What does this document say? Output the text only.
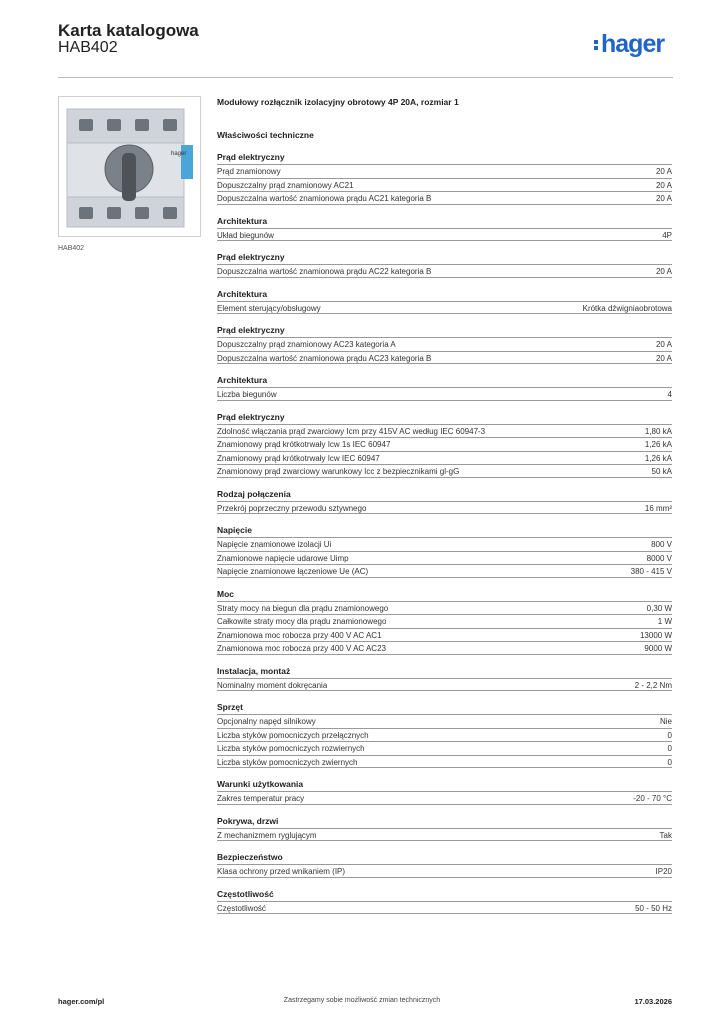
Karta katalogowa
HAB402	hager
hager
HAB402
Modułowy rozłącznik izolacyjny obrotowy 4P 20A, rozmiar 1
Właściwości techniczne
Prąd elektryczny
Prąd znamionowy	20 A
Dopuszczalny prąd znamionowy AC21	20 A
Dopuszczalna wartość znamionowa prądu AC21 kategoria B	20 A
Architektura
Układ biegunów	4P
Prąd elektryczny
Dopuszczalna wartość znamionowa prądu AC22 kategoria B	20 A
Architektura
Element sterujący/obsługowy	Krótka dźwigniaobrotowa
Prąd elektryczny
Dopuszczalny prąd znamionowy AC23 kategoria A	20 A
Dopuszczalna wartość znamionowa prądu AC23 kategoria B	20 A
Architektura
Liczba biegunów	4
Prąd elektryczny
Zdolność włączania prąd zwarciowy Icm przy 415V AC według IEC 60947-3	1,80 kA
Znamionowy prąd krótkotrwały Icw 1s IEC 60947	1,26 kA
Znamionowy prąd krótkotrwały Icw IEC 60947	1,26 kA
Znamionowy prąd zwarciowy warunkowy Icc z bezpiecznikami gl-gG	50 kA
Rodzaj połączenia
Przekrój poprzeczny przewodu sztywnego	16 mm²
Napięcie
Napięcie znamionowe izolacji Ui	800 V
Znamionowe napięcie udarowe Uimp	8000 V
Napięcie znamionowe łączeniowe Ue (AC)	380 - 415 V
Moc
Straty mocy na biegun dla prądu znamionowego	0,30 W
Całkowite straty mocy dla prądu znamionowego	1 W
Znamionowa moc robocza przy 400 V AC AC1	13000 W
Znamionowa moc robocza przy 400 V AC AC23	9000 W
Instalacja, montaż
Nominalny moment dokręcania	2 - 2,2 Nm
Sprzęt
Opcjonalny napęd silnikowy	Nie
Liczba styków pomocniczych przełącznych	0
Liczba styków pomocniczych rozwiernych	0
Liczba styków pomocniczych zwiernych	0
Warunki użytkowania
Zakres temperatur pracy	-20 - 70 °C
Pokrywa, drzwi
Z mechanizmem ryglującym	Tak
Bezpieczeństwo
Klasa ochrony przed wnikaniem (IP)	IP20
Częstotliwość
Częstotliwość	50 - 50 Hz
hager.com/pl	Zastrzegamy sobie możliwość zmian technicznych	17.03.2026
